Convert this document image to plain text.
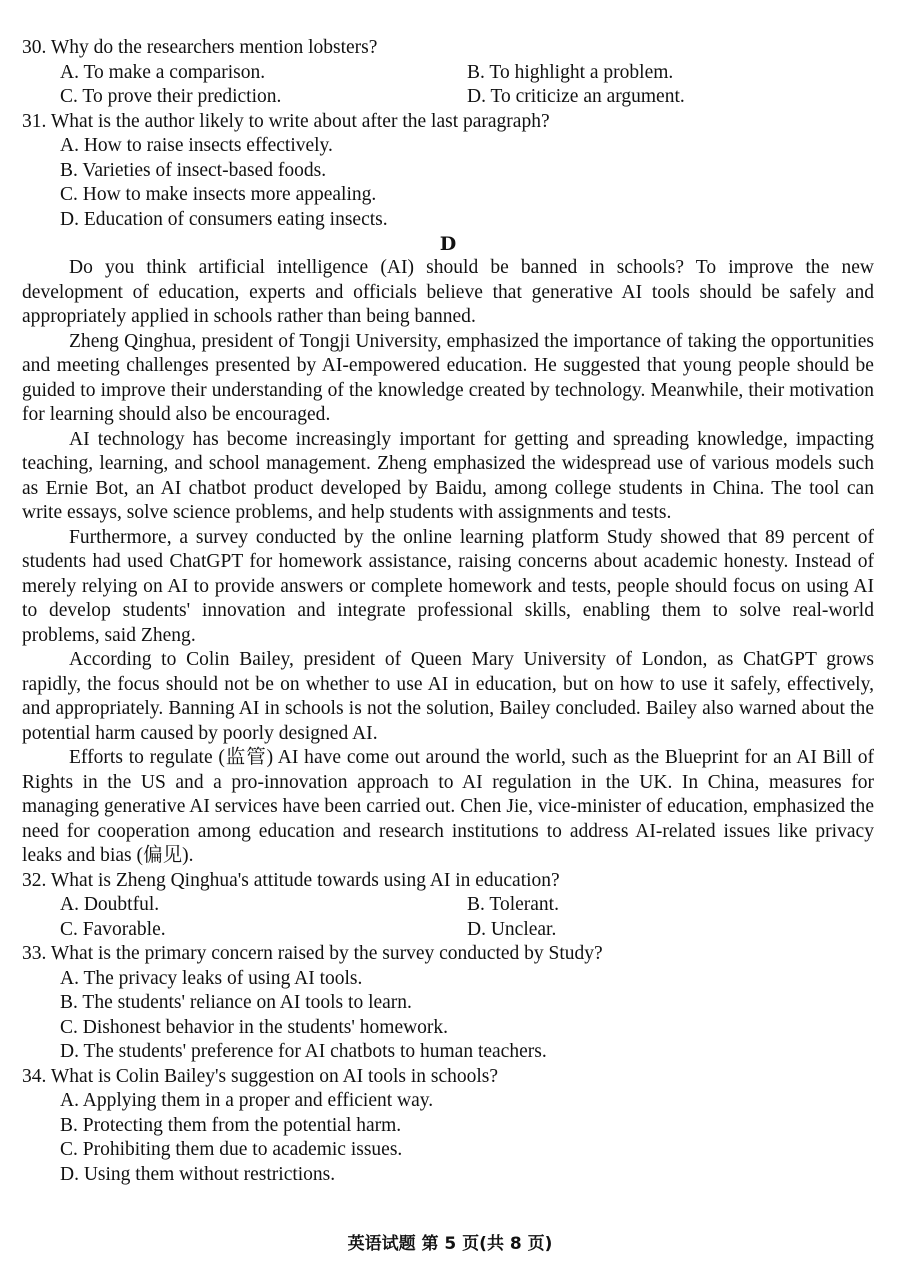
30. Why do the researchers mention lobsters?

A. To make a comparison.	B. To highlight a problem.
C. To prove their prediction.	D. To criticize an argument.

31. What is the author likely to write about after the last paragraph?

A. How to raise insects effectively.

B. Varieties of insect-based foods.

C. How to make insects more appealing.

D. Education of consumers eating insects.

D

Do you think artificial intelligence (AI) should be banned in schools? To improve the new development of education, experts and officials believe that generative AI tools should be safely and appropriately applied in schools rather than being banned.

Zheng Qinghua, president of Tongji University, emphasized the importance of taking the opportunities and meeting challenges presented by AI-empowered education. He suggested that young people should be guided to improve their understanding of the knowledge created by technology. Meanwhile, their motivation for learning should also be encouraged.

AI technology has become increasingly important for getting and spreading knowledge, impacting teaching, learning, and school management. Zheng emphasized the widespread use of various models such as Ernie Bot, an AI chatbot product developed by Baidu, among college students in China. The tool can write essays, solve science problems, and help students with assignments and tests.

Furthermore, a survey conducted by the online learning platform Study showed that 89 percent of students had used ChatGPT for homework assistance, raising concerns about academic honesty. Instead of merely relying on AI to provide answers or complete homework and tests, people should focus on using AI to develop students' innovation and integrate professional skills, enabling them to solve real-world problems, said Zheng.

According to Colin Bailey, president of Queen Mary University of London, as ChatGPT grows rapidly, the focus should not be on whether to use AI in education, but on how to use it safely, effectively, and appropriately. Banning AI in schools is not the solution, Bailey concluded. Bailey also warned about the potential harm caused by poorly designed AI.

Efforts to regulate (监管) AI have come out around the world, such as the Blueprint for an AI Bill of Rights in the US and a pro-innovation approach to AI regulation in the UK. In China, measures for managing generative AI services have been carried out. Chen Jie, vice-minister of education, emphasized the need for cooperation among education and research institutions to address AI-related issues like privacy leaks and bias (偏见).

32. What is Zheng Qinghua's attitude towards using AI in education?

A. Doubtful.	B. Tolerant.
C. Favorable.	D. Unclear.

33. What is the primary concern raised by the survey conducted by Study?

A. The privacy leaks of using AI tools.

B. The students' reliance on AI tools to learn.

C. Dishonest behavior in the students' homework.

D. The students' preference for AI chatbots to human teachers.

34. What is Colin Bailey's suggestion on AI tools in schools?

A. Applying them in a proper and efficient way.

B. Protecting them from the potential harm.

C. Prohibiting them due to academic issues.

D. Using them without restrictions.

英语试题 第 5 页(共 8 页)
